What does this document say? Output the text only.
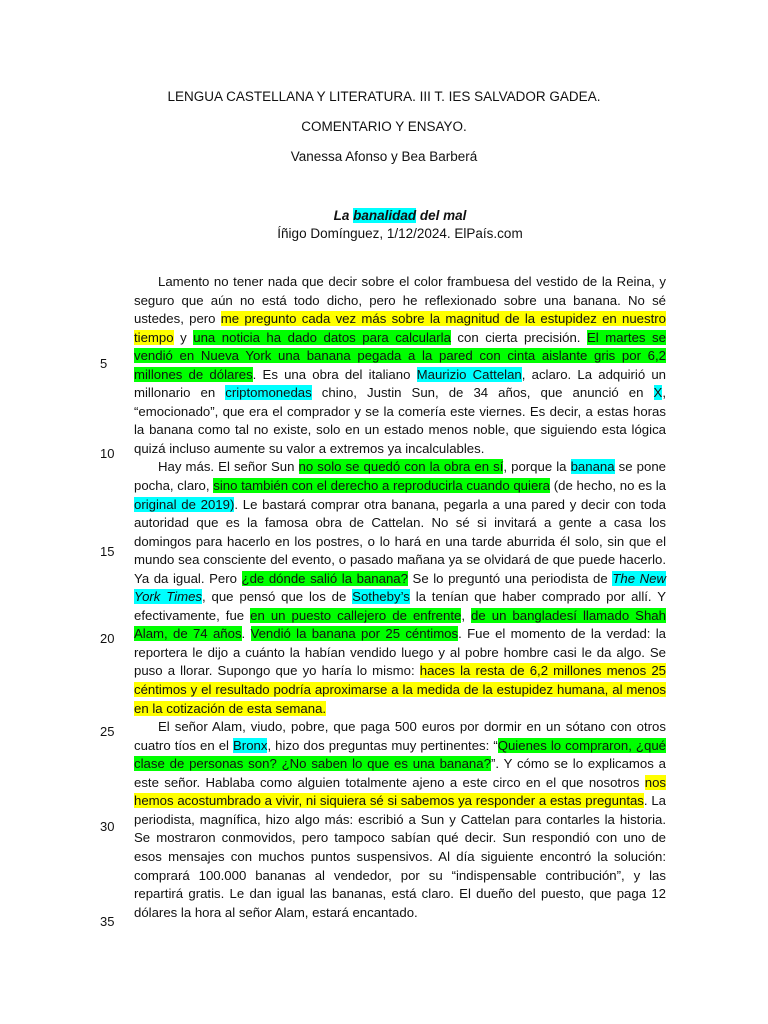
LENGUA CASTELLANA Y LITERATURA. III T. IES SALVADOR GADEA.
COMENTARIO Y ENSAYO.
Vanessa Afonso y Bea Barberá
La banalidad del mal
Íñigo Domínguez, 1/12/2024. ElPaís.com
5
10
15
20
25
30
35

Lamento no tener nada que decir sobre el color frambuesa del vestido de la Reina, y seguro que aún no está todo dicho, pero he reflexionado sobre una banana. No sé ustedes, pero me pregunto cada vez más sobre la magnitud de la estupidez en nuestro tiempo y una noticia ha dado datos para calcularla con cierta precisión. El martes se vendió en Nueva York una banana pegada a la pared con cinta aislante gris por 6,2 millones de dólares. Es una obra del italiano Maurizio Cattelan, aclaro. La adquirió un millonario en criptomonedas chino, Justin Sun, de 34 años, que anunció en X, “emocionado”, que era el comprador y se la comería este viernes. Es decir, a estas horas la banana como tal no existe, solo en un estado menos noble, que siguiendo esta lógica quizá incluso aumente su valor a extremos ya incalculables.

Hay más. El señor Sun no solo se quedó con la obra en sí, porque la banana se pone pocha, claro, sino también con el derecho a reproducirla cuando quiera (de hecho, no es la original de 2019). Le bastará comprar otra banana, pegarla a una pared y decir con toda autoridad que es la famosa obra de Cattelan. No sé si invitará a gente a casa los domingos para hacerlo en los postres, o lo hará en una tarde aburrida él solo, sin que el mundo sea consciente del evento, o pasado mañana ya se olvidará de que puede hacerlo. Ya da igual. Pero ¿de dónde salió la banana? Se lo preguntó una periodista de The New York Times, que pensó que los de Sotheby’s la tenían que haber comprado por allí. Y efectivamente, fue en un puesto callejero de enfrente, de un bangladesí llamado Shah Alam, de 74 años. Vendió la banana por 25 céntimos. Fue el momento de la verdad: la reportera le dijo a cuánto la habían vendido luego y al pobre hombre casi le da algo. Se puso a llorar. Supongo que yo haría lo mismo: haces la resta de 6,2 millones menos 25 céntimos y el resultado podría aproximarse a la medida de la estupidez humana, al menos en la cotización de esta semana.

El señor Alam, viudo, pobre, que paga 500 euros por dormir en un sótano con otros cuatro tíos en el Bronx, hizo dos preguntas muy pertinentes: “Quienes lo compraron, ¿qué clase de personas son? ¿No saben lo que es una banana?”. Y cómo se lo explicamos a este señor. Hablaba como alguien totalmente ajeno a este circo en el que nosotros nos hemos acostumbrado a vivir, ni siquiera sé si sabemos ya responder a estas preguntas. La periodista, magnífica, hizo algo más: escribió a Sun y Cattelan para contarles la historia. Se mostraron conmovidos, pero tampoco sabían qué decir. Sun respondió con uno de esos mensajes con muchos puntos suspensivos. Al día siguiente encontró la solución: comprará 100.000 bananas al vendedor, por su “indispensable contribución”, y las repartirá gratis. Le dan igual las bananas, está claro. El dueño del puesto, que paga 12 dólares la hora al señor Alam, estará encantado.
